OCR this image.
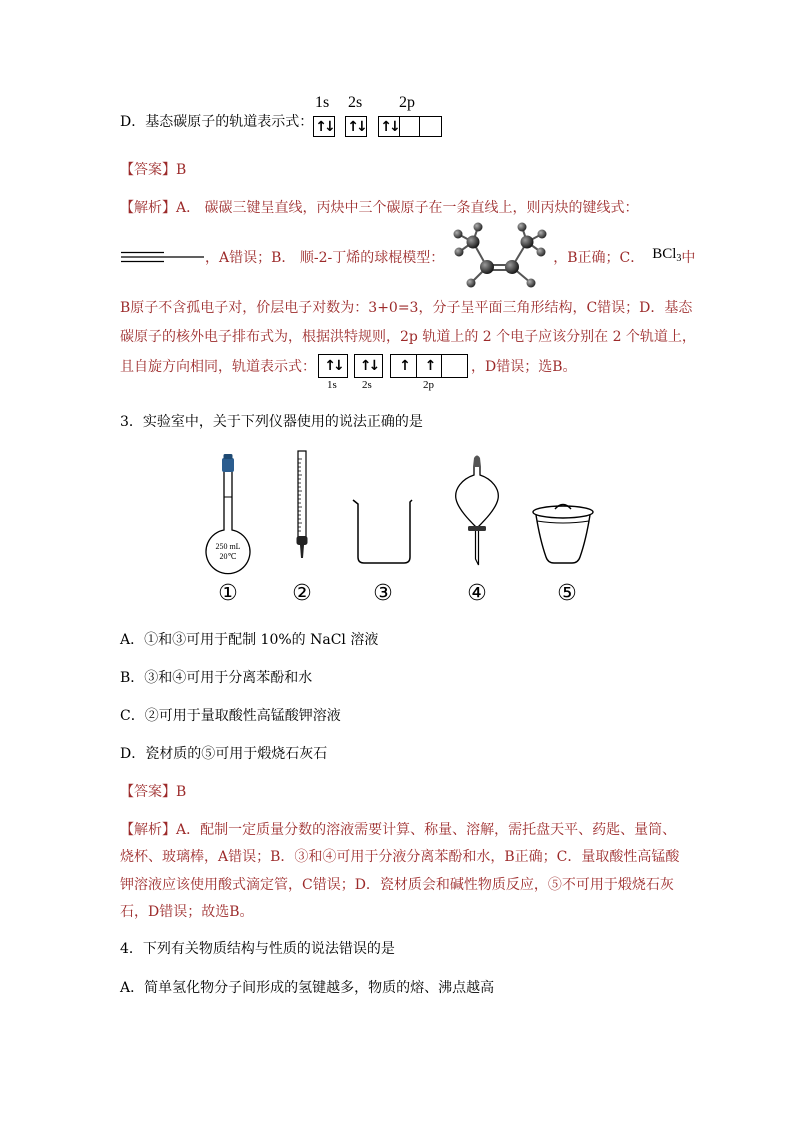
D．基态碳原子的轨道表示式：
1s 2s 2p
↑↓ ↑↓ ↑↓
【答案】B
【解析】A． 碳碳三键呈直线，丙炔中三个碳原子在一条直线上，则丙炔的键线式：
，A错误；B． 顺-2-丁烯的球棍模型：	，B正确；C． BCl$_3$ 中
B原子不含孤电子对，价层电子对数为：3+0=3，分子呈平面三角形结构，C错误；D．基态
碳原子的核外电子排布式为，根据洪特规则，2p 轨道上的 2 个电子应该分别在 2 个轨道上，
且自旋方向相同，轨道表示式： ↑↓	↑↓	↑	↑
1s 2s	2p
，D错误；选B。
3．实验室中，关于下列仪器使用的说法正确的是
250 mL
20℃
① ②	③	④	⑤
A．①和③可用于配制 10%的 NaCl 溶液
B．③和④可用于分离苯酚和水
C．②可用于量取酸性高锰酸钾溶液
D．瓷材质的⑤可用于煅烧石灰石
【答案】B
【解析】A．配制一定质量分数的溶液需要计算、称量、溶解，需托盘天平、药匙、量筒、
烧杯、玻璃棒，A错误；B．③和④可用于分液分离苯酚和水，B正确；C．量取酸性高锰酸
钾溶液应该使用酸式滴定管，C错误；D．瓷材质会和碱性物质反应，⑤不可用于煅烧石灰
石，D错误；故选B。
4．下列有关物质结构与性质的说法错误的是
A．简单氢化物分子间形成的氢键越多，物质的熔、沸点越高
